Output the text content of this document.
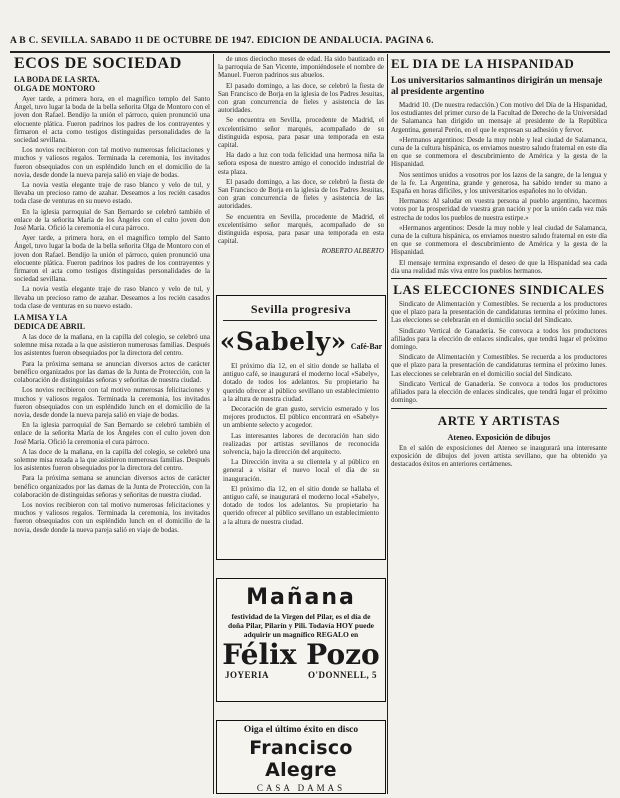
A B C. SEVILLA. SABADO 11 DE OCTUBRE DE 1947. EDICION DE ANDALUCIA. PAGINA 6.
ECOS DE SOCIEDAD
LA BODA DE LA SRTA.
OLGA DE MONTORO

Ayer tarde, a primera hora, en el magnífico templo del Santo Ángel, tuvo lugar la boda de la bella señorita Olga de Montoro con el joven don Rafael. Bendijo la unión el párroco, quien pronunció una elocuente plática. Fueron padrinos los padres de los contrayentes y firmaron el acta como testigos distinguidas personalidades de la sociedad sevillana.

Los novios recibieron con tal motivo numerosas felicitaciones y muchos y valiosos regalos. Terminada la ceremonia, los invitados fueron obsequiados con un espléndido lunch en el domicilio de la novia, desde donde la nueva pareja salió en viaje de bodas.

La novia vestía elegante traje de raso blanco y velo de tul, y llevaba un precioso ramo de azahar. Deseamos a los recién casados toda clase de venturas en su nuevo estado.

En la iglesia parroquial de San Bernardo se celebró también el enlace de la señorita María de los Ángeles con el culto joven don José María. Ofició la ceremonia el cura párroco.

Ayer tarde, a primera hora, en el magnífico templo del Santo Ángel, tuvo lugar la boda de la bella señorita Olga de Montoro con el joven don Rafael. Bendijo la unión el párroco, quien pronunció una elocuente plática. Fueron padrinos los padres de los contrayentes y firmaron el acta como testigos distinguidas personalidades de la sociedad sevillana.

La novia vestía elegante traje de raso blanco y velo de tul, y llevaba un precioso ramo de azahar. Deseamos a los recién casados toda clase de venturas en su nuevo estado.

LA MISA Y LA
DEDICA DE ABRIL

A las doce de la mañana, en la capilla del colegio, se celebró una solemne misa rezada a la que asistieron numerosas familias. Después los asistentes fueron obsequiados por la directora del centro.

Para la próxima semana se anuncian diversos actos de carácter benéfico organizados por las damas de la Junta de Protección, con la colaboración de distinguidas señoras y señoritas de nuestra ciudad.

Los novios recibieron con tal motivo numerosas felicitaciones y muchos y valiosos regalos. Terminada la ceremonia, los invitados fueron obsequiados con un espléndido lunch en el domicilio de la novia, desde donde la nueva pareja salió en viaje de bodas.

En la iglesia parroquial de San Bernardo se celebró también el enlace de la señorita María de los Ángeles con el culto joven don José María. Ofició la ceremonia el cura párroco.

A las doce de la mañana, en la capilla del colegio, se celebró una solemne misa rezada a la que asistieron numerosas familias. Después los asistentes fueron obsequiados por la directora del centro.

Para la próxima semana se anuncian diversos actos de carácter benéfico organizados por las damas de la Junta de Protección, con la colaboración de distinguidas señoras y señoritas de nuestra ciudad.

Los novios recibieron con tal motivo numerosas felicitaciones y muchos y valiosos regalos. Terminada la ceremonia, los invitados fueron obsequiados con un espléndido lunch en el domicilio de la novia, desde donde la nueva pareja salió en viaje de bodas.

de unos dieciocho meses de edad. Ha sido bautizado en la parroquia de San Vicente, imponiéndosele el nombre de Manuel. Fueron padrinos sus abuelos.

El pasado domingo, a las doce, se celebró la fiesta de San Francisco de Borja en la iglesia de los Padres Jesuitas, con gran concurrencia de fieles y asistencia de las autoridades.

Se encuentra en Sevilla, procedente de Madrid, el excelentísimo señor marqués, acompañado de su distinguida esposa, para pasar una temporada en esta capital.

Ha dado a luz con toda felicidad una hermosa niña la señora esposa de nuestro amigo el conocido industrial de esta plaza.

El pasado domingo, a las doce, se celebró la fiesta de San Francisco de Borja en la iglesia de los Padres Jesuitas, con gran concurrencia de fieles y asistencia de las autoridades.

Se encuentra en Sevilla, procedente de Madrid, el excelentísimo señor marqués, acompañado de su distinguida esposa, para pasar una temporada en esta capital.

ROBERTO ALBERTO
Sevilla progresiva
«Sabely» Café-Bar

El próximo día 12, en el sitio donde se hallaba el antiguo café, se inaugurará el moderno local «Sabely», dotado de todos los adelantos. Su propietario ha querido ofrecer al público sevillano un establecimiento a la altura de nuestra ciudad.

Decoración de gran gusto, servicio esmerado y los mejores productos. El público encontrará en «Sabely» un ambiente selecto y acogedor.

Las interesantes labores de decoración han sido realizadas por artistas sevillanos de reconocida solvencia, bajo la dirección del arquitecto.

La Dirección invita a su clientela y al público en general a visitar el nuevo local el día de su inauguración.

El próximo día 12, en el sitio donde se hallaba el antiguo café, se inaugurará el moderno local «Sabely», dotado de todos los adelantos. Su propietario ha querido ofrecer al público sevillano un establecimiento a la altura de nuestra ciudad.

Mañana
festividad de la Virgen del Pilar, es el día de doña Pilar, Pilarín y Pili. Todavía HOY puede adquirir un magnífico REGALO en
Félix Pozo
JOYERIA	O'DONNELL, 5
Oiga el último éxito en disco
Francisco Alegre
CASA DAMAS
EL DIA DE LA HISPANIDAD
Los universitarios salmantinos dirigirán un mensaje al presidente argentino

Madrid 10. (De nuestra redacción.) Con motivo del Día de la Hispanidad, los estudiantes del primer curso de la Facultad de Derecho de la Universidad de Salamanca han dirigido un mensaje al presidente de la República Argentina, general Perón, en el que le expresan su adhesión y fervor.

«Hermanos argentinos: Desde la muy noble y leal ciudad de Salamanca, cuna de la cultura hispánica, os enviamos nuestro saludo fraternal en este día en que se conmemora el descubrimiento de América y la gesta de la Hispanidad.

Nos sentimos unidos a vosotros por los lazos de la sangre, de la lengua y de la fe. La Argentina, grande y generosa, ha sabido tender su mano a España en horas difíciles, y los universitarios españoles no lo olvidan.

Hermanos: Al saludar en vuestra persona al pueblo argentino, hacemos votos por la prosperidad de vuestra gran nación y por la unión cada vez más estrecha de todos los pueblos de nuestra estirpe.»

«Hermanos argentinos: Desde la muy noble y leal ciudad de Salamanca, cuna de la cultura hispánica, os enviamos nuestro saludo fraternal en este día en que se conmemora el descubrimiento de América y la gesta de la Hispanidad.

El mensaje termina expresando el deseo de que la Hispanidad sea cada día una realidad más viva entre los pueblos hermanos.

LAS ELECCIONES SINDICALES

Sindicato de Alimentación y Comestibles. Se recuerda a los productores que el plazo para la presentación de candidaturas termina el próximo lunes. Las elecciones se celebrarán en el domicilio social del Sindicato.

Sindicato Vertical de Ganadería. Se convoca a todos los productores afiliados para la elección de enlaces sindicales, que tendrá lugar el próximo domingo.

Sindicato de Alimentación y Comestibles. Se recuerda a los productores que el plazo para la presentación de candidaturas termina el próximo lunes. Las elecciones se celebrarán en el domicilio social del Sindicato.

Sindicato Vertical de Ganadería. Se convoca a todos los productores afiliados para la elección de enlaces sindicales, que tendrá lugar el próximo domingo.

ARTE Y ARTISTAS
Ateneo. Exposición de dibujos

En el salón de exposiciones del Ateneo se inaugurará una interesante exposición de dibujos del joven artista sevillano, que ha obtenido ya destacados éxitos en anteriores certámenes.
